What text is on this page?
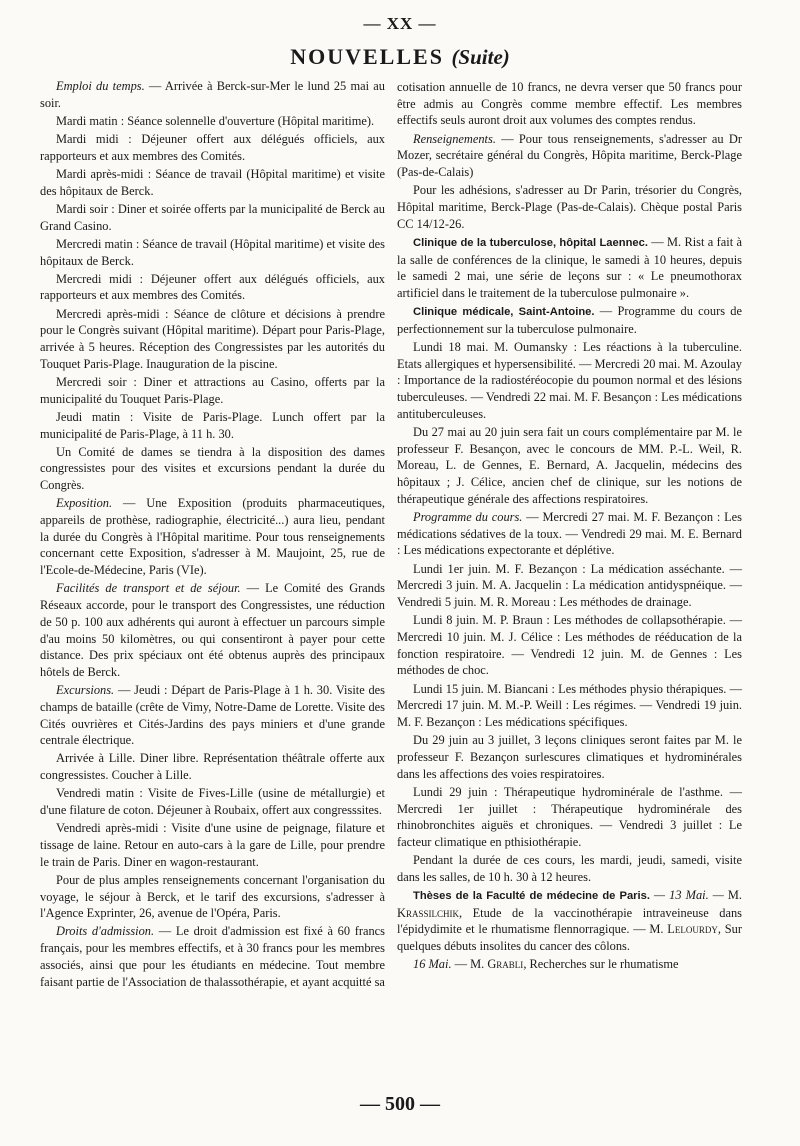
— XX —
NOUVELLES (Suite)

Emploi du temps. — Arrivée à Berck-sur-Mer le lund 25 mai au soir.

Mardi matin : Séance solennelle d'ouverture (Hôpital maritime).

Mardi midi : Déjeuner offert aux délégués officiels, aux rapporteurs et aux membres des Comités.

Mardi après-midi : Séance de travail (Hôpital maritime) et visite des hôpitaux de Berck.

Mardi soir : Diner et soirée offerts par la municipalité de Berck au Grand Casino.

Mercredi matin : Séance de travail (Hôpital maritime) et visite des hôpitaux de Berck.

Mercredi midi : Déjeuner offert aux délégués officiels, aux rapporteurs et aux membres des Comités.

Mercredi après-midi : Séance de clôture et décisions à prendre pour le Congrès suivant (Hôpital maritime). Départ pour Paris-Plage, arrivée à 5 heures. Réception des Congressistes par les autorités du Touquet Paris-Plage. Inauguration de la piscine.

Mercredi soir : Diner et attractions au Casino, offerts par la municipalité du Touquet Paris-Plage.

Jeudi matin : Visite de Paris-Plage. Lunch offert par la municipalité de Paris-Plage, à 11 h. 30.

Un Comité de dames se tiendra à la disposition des dames congressistes pour des visites et excursions pendant la durée du Congrès.

Exposition. — Une Exposition (produits pharmaceutiques, appareils de prothèse, radiographie, électricité...) aura lieu, pendant la durée du Congrès à l'Hôpital maritime. Pour tous renseignements concernant cette Exposition, s'adresser à M. Maujoint, 25, rue de l'Ecole-de-Médecine, Paris (VIe).

Facilités de transport et de séjour. — Le Comité des Grands Réseaux accorde, pour le transport des Congressistes, une réduction de 50 p. 100 aux adhérents qui auront à effectuer un parcours simple d'au moins 50 kilomètres, ou qui consentiront à payer pour cette distance. Des prix spéciaux ont été obtenus auprès des principaux hôtels de Berck.

Excursions. — Jeudi : Départ de Paris-Plage à 1 h. 30. Visite des champs de bataille (crête de Vimy, Notre-Dame de Lorette. Visite des Cités ouvrières et Cités-Jardins des pays miniers et d'une grande centrale électrique.

Arrivée à Lille. Diner libre. Représentation théâtrale offerte aux congressistes. Coucher à Lille.

Vendredi matin : Visite de Fives-Lille (usine de métallurgie) et d'une filature de coton. Déjeuner à Roubaix, offert aux congresssites.

Vendredi après-midi : Visite d'une usine de peignage, filature et tissage de laine. Retour en auto-cars à la gare de Lille, pour prendre le train de Paris. Diner en wagon-restaurant.

Pour de plus amples renseignements concernant l'organisation du voyage, le séjour à Berck, et le tarif des excursions, s'adresser à l'Agence Exprinter, 26, avenue de l'Opéra, Paris.

Droits d'admission. — Le droit d'admission est fixé à 60 francs français, pour les membres effectifs, et à 30 francs pour les membres associés, ainsi que pour les étudiants en médecine. Tout membre faisant partie de l'Association de thalassothérapie, et ayant acquitté sa

cotisation annuelle de 10 francs, ne devra verser que 50 francs pour être admis au Congrès comme membre effectif. Les membres effectifs seuls auront droit aux volumes des comptes rendus.

Renseignements. — Pour tous renseignements, s'adresser au Dr Mozer, secrétaire général du Congrès, Hôpita maritime, Berck-Plage (Pas-de-Calais)

Pour les adhésions, s'adresser au Dr Parin, trésorier du Congrès, Hôpital maritime, Berck-Plage (Pas-de-Calais). Chèque postal Paris CC 14/12-26.

Clinique de la tuberculose, hôpital Laennec. — M. Rist a fait à la salle de conférences de la clinique, le samedi à 10 heures, depuis le samedi 2 mai, une série de leçons sur : « Le pneumothorax artificiel dans le traitement de la tuberculose pulmonaire ».

Clinique médicale, Saint-Antoine. — Programme du cours de perfectionnement sur la tuberculose pulmonaire.

Lundi 18 mai. M. Oumansky : Les réactions à la tuberculine. Etats allergiques et hypersensibilité. — Mercredi 20 mai. M. Azoulay : Importance de la radiostéréocopie du poumon normal et des lésions tuberculeuses. — Vendredi 22 mai. M. F. Besançon : Les médications antituberculeuses.

Du 27 mai au 20 juin sera fait un cours complémentaire par M. le professeur F. Besançon, avec le concours de MM. P.-L. Weil, R. Moreau, L. de Gennes, E. Bernard, A. Jacquelin, médecins des hôpitaux ; J. Célice, ancien chef de clinique, sur les notions de thérapeutique générale des affections respiratoires.

Programme du cours. — Mercredi 27 mai. M. F. Bezançon : Les médications sédatives de la toux. — Vendredi 29 mai. M. E. Bernard : Les médications expectorante et déplétive.

Lundi 1er juin. M. F. Bezançon : La médication asséchante. — Mercredi 3 juin. M. A. Jacquelin : La médication antidyspnéique. — Vendredi 5 juin. M. R. Moreau : Les méthodes de drainage.

Lundi 8 juin. M. P. Braun : Les méthodes de collapsothérapie. — Mercredi 10 juin. M. J. Célice : Les méthodes de rééducation de la fonction respiratoire. — Vendredi 12 juin. M. de Gennes : Les méthodes de choc.

Lundi 15 juin. M. Biancani : Les méthodes physio thérapiques. — Mercredi 17 juin. M. M.-P. Weill : Les régimes. — Vendredi 19 juin. M. F. Bezançon : Les médications spécifiques.

Du 29 juin au 3 juillet, 3 leçons cliniques seront faites par M. le professeur F. Bezançon surlescures climatiques et hydrominérales dans les affections des voies respiratoires.

Lundi 29 juin : Thérapeutique hydrominérale de l'asthme. — Mercredi 1er juillet : Thérapeutique hydrominérale des rhinobronchites aiguës et chroniques. — Vendredi 3 juillet : Le facteur climatique en pthisiothérapie.

Pendant la durée de ces cours, les mardi, jeudi, samedi, visite dans les salles, de 10 h. 30 à 12 heures.

Thèses de la Faculté de médecine de Paris. — 13 Mai. — M. Krassilchik, Etude de la vaccinothérapie intraveineuse dans l'épidydimite et le rhumatisme flennorragique. — M. Lelourdy, Sur quelques débuts insolites du cancer des côlons.

16 Mai. — M. Grabli, Recherches sur le rhumatisme

— 500 —
